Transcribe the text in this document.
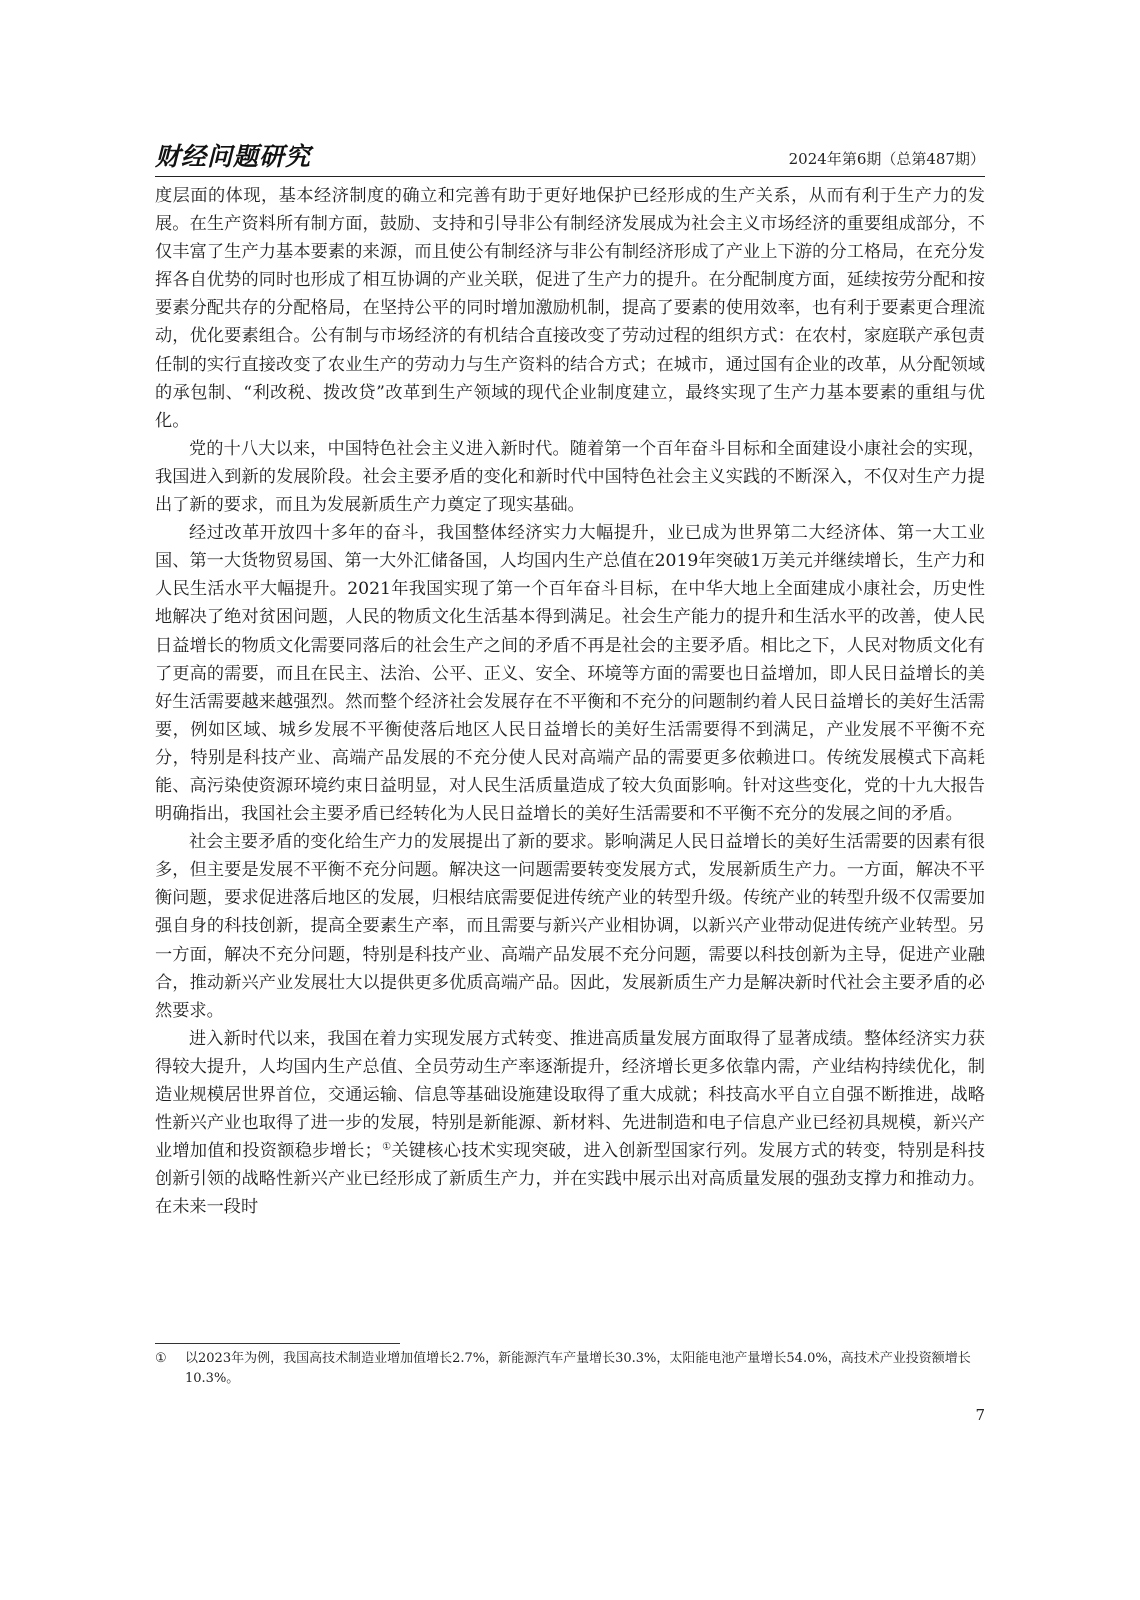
财经问题研究	2024年第6期（总第487期）

度层面的体现，基本经济制度的确立和完善有助于更好地保护已经形成的生产关系，从而有利于生产力的发展。在生产资料所有制方面，鼓励、支持和引导非公有制经济发展成为社会主义市场经济的重要组成部分，不仅丰富了生产力基本要素的来源，而且使公有制经济与非公有制经济形成了产业上下游的分工格局，在充分发挥各自优势的同时也形成了相互协调的产业关联，促进了生产力的提升。在分配制度方面，延续按劳分配和按要素分配共存的分配格局，在坚持公平的同时增加激励机制，提高了要素的使用效率，也有利于要素更合理流动，优化要素组合。公有制与市场经济的有机结合直接改变了劳动过程的组织方式：在农村，家庭联产承包责任制的实行直接改变了农业生产的劳动力与生产资料的结合方式；在城市，通过国有企业的改革，从分配领域的承包制、“利改税、拨改贷”改革到生产领域的现代企业制度建立，最终实现了生产力基本要素的重组与优化。

党的十八大以来，中国特色社会主义进入新时代。随着第一个百年奋斗目标和全面建设小康社会的实现，我国进入到新的发展阶段。社会主要矛盾的变化和新时代中国特色社会主义实践的不断深入，不仅对生产力提出了新的要求，而且为发展新质生产力奠定了现实基础。

经过改革开放四十多年的奋斗，我国整体经济实力大幅提升，业已成为世界第二大经济体、第一大工业国、第一大货物贸易国、第一大外汇储备国，人均国内生产总值在2019年突破1万美元并继续增长，生产力和人民生活水平大幅提升。2021年我国实现了第一个百年奋斗目标，在中华大地上全面建成小康社会，历史性地解决了绝对贫困问题，人民的物质文化生活基本得到满足。社会生产能力的提升和生活水平的改善，使人民日益增长的物质文化需要同落后的社会生产之间的矛盾不再是社会的主要矛盾。相比之下，人民对物质文化有了更高的需要，而且在民主、法治、公平、正义、安全、环境等方面的需要也日益增加，即人民日益增长的美好生活需要越来越强烈。然而整个经济社会发展存在不平衡和不充分的问题制约着人民日益增长的美好生活需要，例如区域、城乡发展不平衡使落后地区人民日益增长的美好生活需要得不到满足，产业发展不平衡不充分，特别是科技产业、高端产品发展的不充分使人民对高端产品的需要更多依赖进口。传统发展模式下高耗能、高污染使资源环境约束日益明显，对人民生活质量造成了较大负面影响。针对这些变化，党的十九大报告明确指出，我国社会主要矛盾已经转化为人民日益增长的美好生活需要和不平衡不充分的发展之间的矛盾。

社会主要矛盾的变化给生产力的发展提出了新的要求。影响满足人民日益增长的美好生活需要的因素有很多，但主要是发展不平衡不充分问题。解决这一问题需要转变发展方式，发展新质生产力。一方面，解决不平衡问题，要求促进落后地区的发展，归根结底需要促进传统产业的转型升级。传统产业的转型升级不仅需要加强自身的科技创新，提高全要素生产率，而且需要与新兴产业相协调，以新兴产业带动促进传统产业转型。另一方面，解决不充分问题，特别是科技产业、高端产品发展不充分问题，需要以科技创新为主导，促进产业融合，推动新兴产业发展壮大以提供更多优质高端产品。因此，发展新质生产力是解决新时代社会主要矛盾的必然要求。

进入新时代以来，我国在着力实现发展方式转变、推进高质量发展方面取得了显著成绩。整体经济实力获得较大提升，人均国内生产总值、全员劳动生产率逐渐提升，经济增长更多依靠内需，产业结构持续优化，制造业规模居世界首位，交通运输、信息等基础设施建设取得了重大成就；科技高水平自立自强不断推进，战略性新兴产业也取得了进一步的发展，特别是新能源、新材料、先进制造和电子信息产业已经初具规模，新兴产业增加值和投资额稳步增长；①关键核心技术实现突破，进入创新型国家行列。发展方式的转变，特别是科技创新引领的战略性新兴产业已经形成了新质生产力，并在实践中展示出对高质量发展的强劲支撑力和推动力。在未来一段时

①	以2023年为例，我国高技术制造业增加值增长2.7%，新能源汽车产量增长30.3%，太阳能电池产量增长54.0%，高技术产业投资额增长10.3%。
7
